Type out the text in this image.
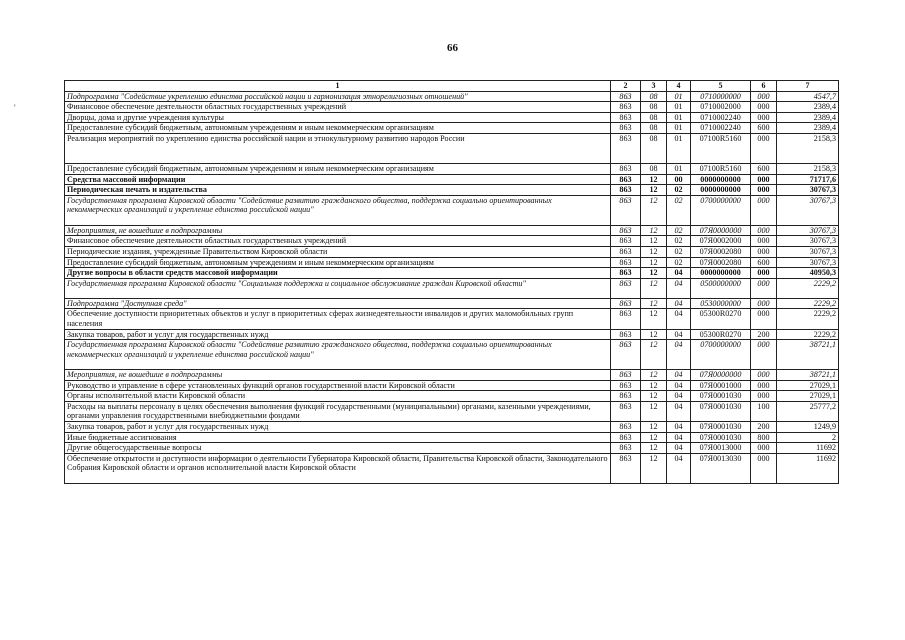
66
'
1	2	3	4	5	6	7
Подпрограмма "Содействие укреплению единства российской нации и гармонизация этнорелигиозных отношений"	863	08	01	0710000000	000	4547,7
Финансовое обеспечение деятельности областных государственных учреждений	863	08	01	0710002000	000	2389,4
Дворцы, дома и другие учреждения культуры	863	08	01	0710002240	000	2389,4
Предоставление субсидий бюджетным, автономным учреждениям и иным некоммерческим организациям	863	08	01	0710002240	600	2389,4
Реализация мероприятий по укреплению единства российской нации и этнокультурному развитию народов России	863	08	01	07100R5160	000	2158,3
Предоставление субсидий бюджетным, автономным учреждениям и иным некоммерческим организациям	863	08	01	07100R5160	600	2158,3
Средства массовой информации	863	12	00	0000000000	000	71717,6
Периодическая печать и издательства	863	12	02	0000000000	000	30767,3
Государственная программа Кировской области "Содействие развитию гражданского общества, поддержка социально ориентированных некоммерческих организаций и укрепление единства российской нации"	863	12	02	0700000000	000	30767,3
Мероприятия, не вошедшие в подпрограммы	863	12	02	07Я0000000	000	30767,3
Финансовое обеспечение деятельности областных государственных учреждений	863	12	02	07Я0002000	000	30767,3
Периодические издания, учрежденные Правительством Кировской области	863	12	02	07Я0002080	000	30767,3
Предоставление субсидий бюджетным, автономным учреждениям и иным некоммерческим организациям	863	12	02	07Я0002080	600	30767,3
Другие вопросы в области средств массовой информации	863	12	04	0000000000	000	40950,3
Государственная программа Кировской области "Социальная поддержка и социальное обслуживание граждан Кировской области"	863	12	04	0500000000	000	2229,2
Подпрограмма "Доступная среда"	863	12	04	0530000000	000	2229,2
Обеспечение доступности приоритетных объектов и услуг в приоритетных сферах жизнедеятельности инвалидов и других маломобильных групп населения	863	12	04	05300R0270	000	2229,2
Закупка товаров, работ и услуг для государственных нужд	863	12	04	05300R0270	200	2229,2
Государственная программа Кировской области "Содействие развитию гражданского общества, поддержка социально ориентированных некоммерческих организаций и укрепление единства российской нации"	863	12	04	0700000000	000	38721,1
Мероприятия, не вошедшие в подпрограммы	863	12	04	07Я0000000	000	38721,1
Руководство и управление в сфере установленных функций органов государственной власти Кировской области	863	12	04	07Я0001000	000	27029,1
Органы исполнительной власти Кировской области	863	12	04	07Я0001030	000	27029,1
Расходы на выплаты персоналу в целях обеспечения выполнения функций государственными (муниципальными) органами, казенными учреждениями, органами управления государственными внебюджетными фондами	863	12	04	07Я0001030	100	25777,2
Закупка товаров, работ и услуг для государственных нужд	863	12	04	07Я0001030	200	1249,9
Иные бюджетные ассигнования	863	12	04	07Я0001030	800	2
Другие общегосударственные вопросы	863	12	04	07Я0013000	000	11692
Обеспечение открытости и доступности информации о деятельности Губернатора Кировской области, Правительства Кировской области, Законодательного Собрания Кировской области и органов исполнительной власти Кировской области	863	12	04	07Я0013030	000	11692
